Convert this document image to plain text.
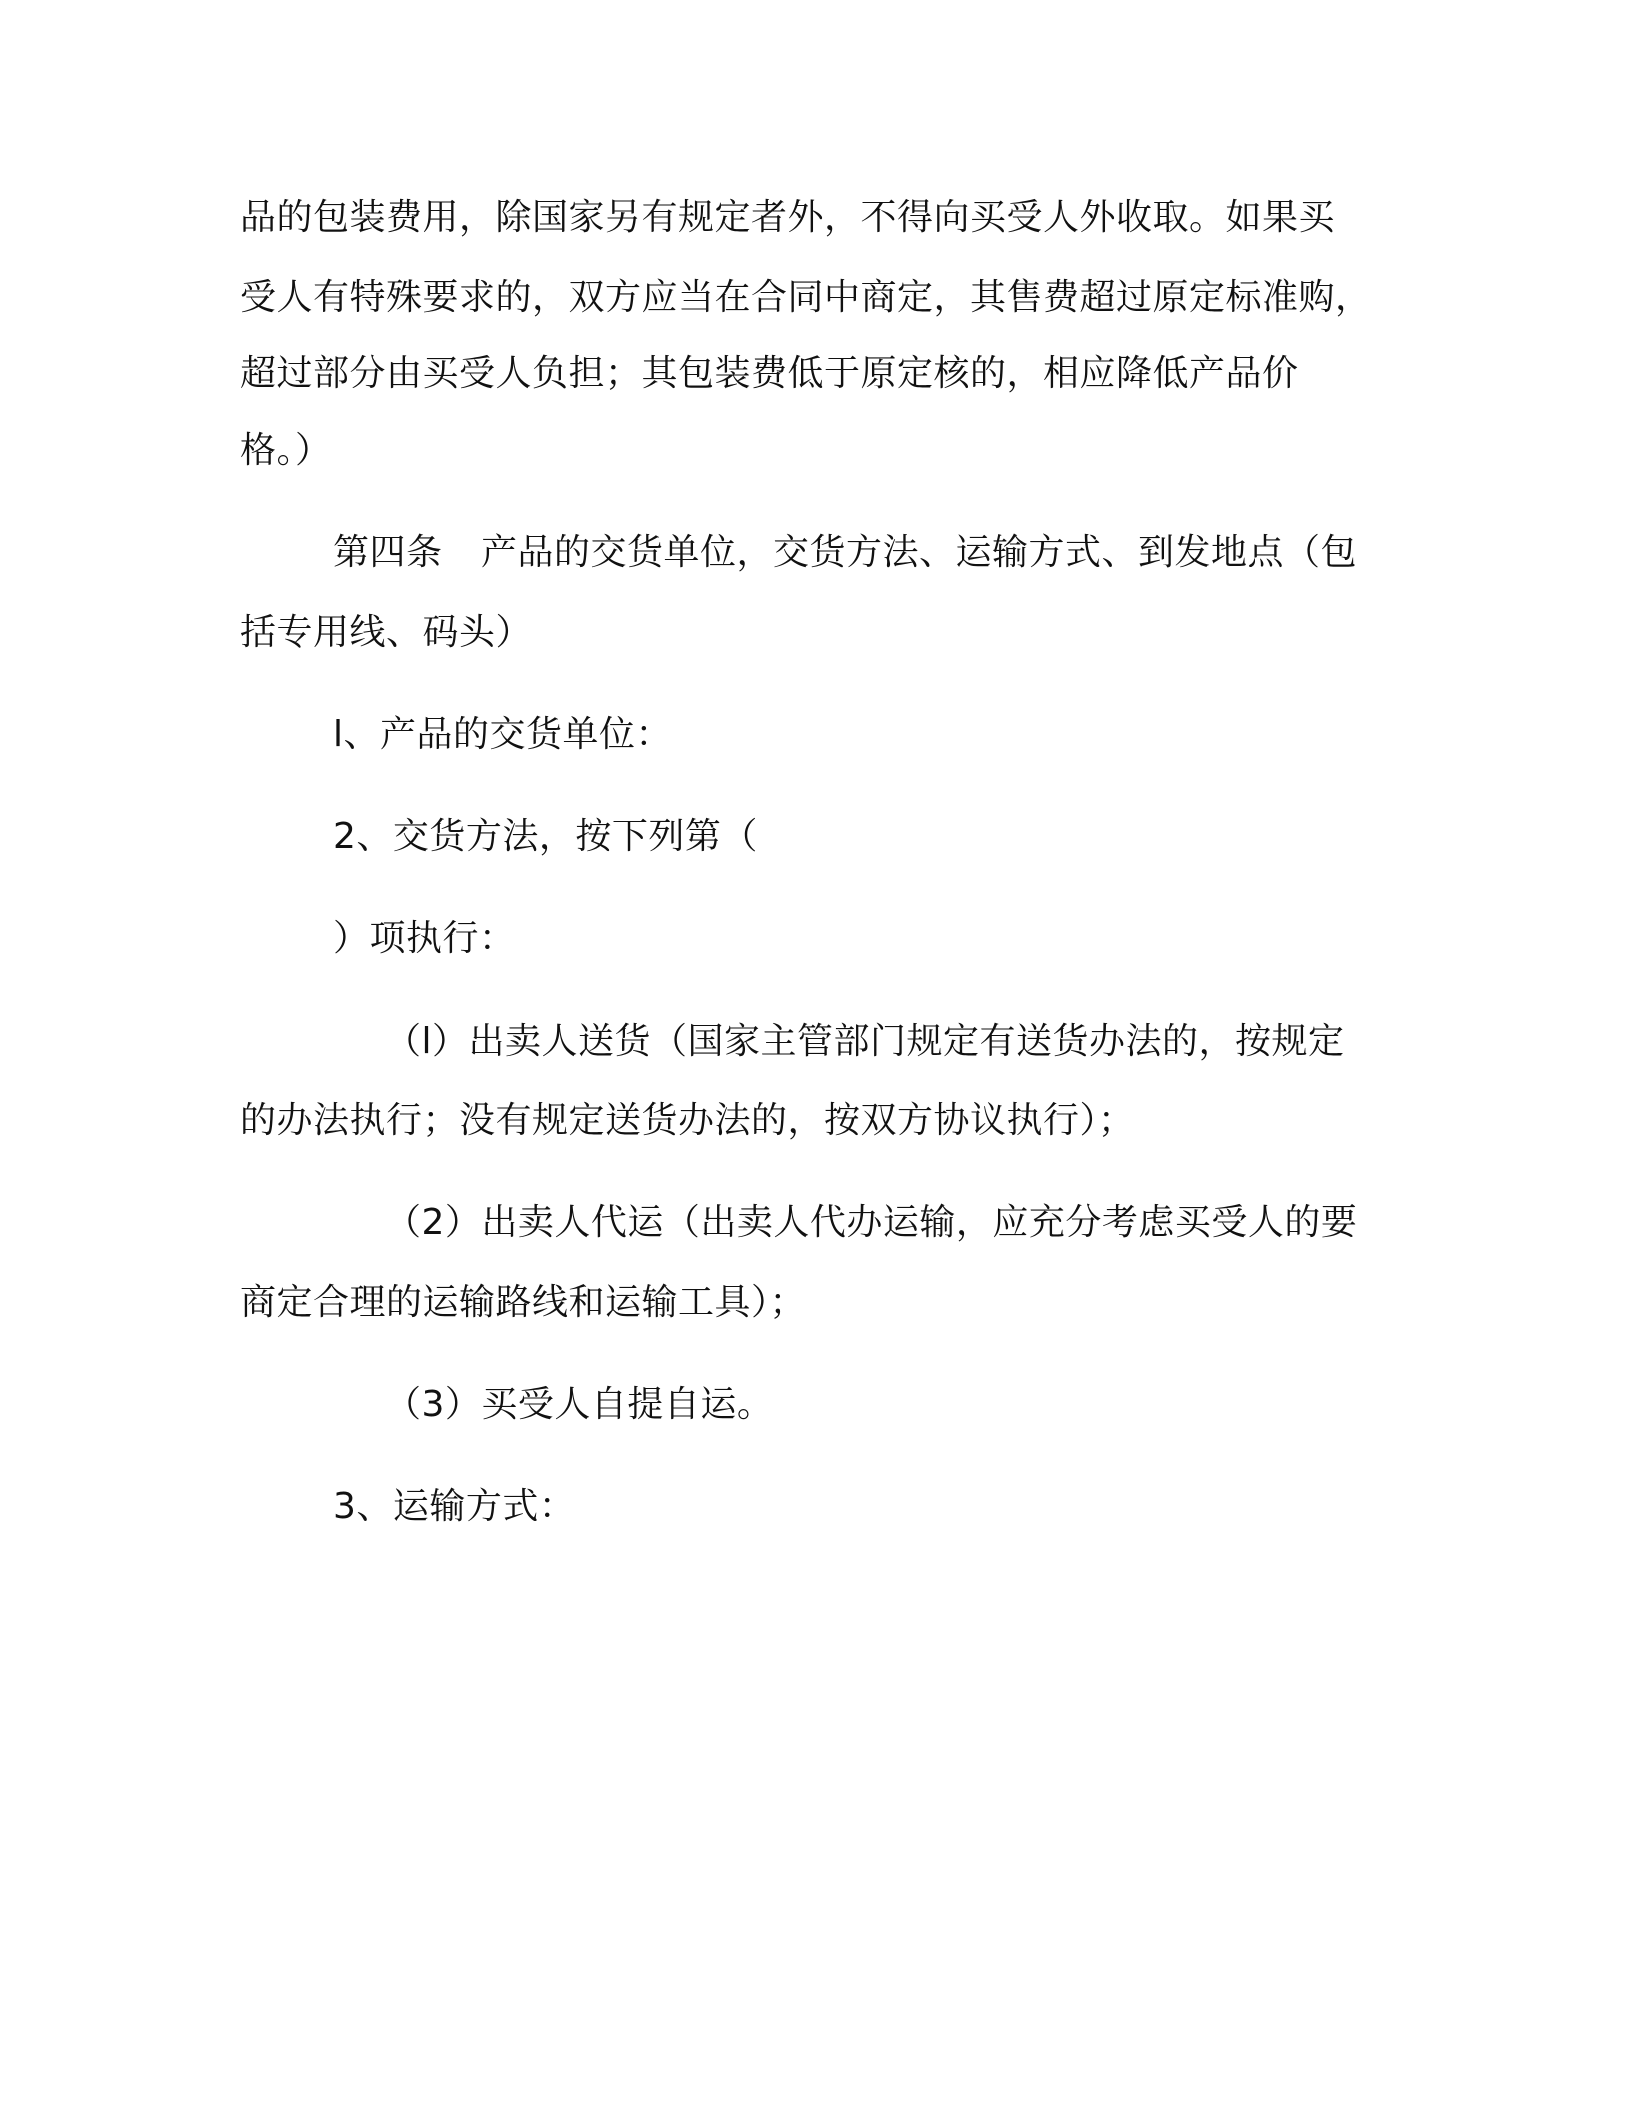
品的包装费用，除国家另有规定者外，不得向买受人外收取。如果买
受人有特殊要求的，双方应当在合同中商定，其售费超过原定标准购，
超过部分由买受人负担；其包装费低于原定核的，相应降低产品价
格。）
第四条 产品的交货单位，交货方法、运输方式、到发地点（包
括专用线、码头）
l、产品的交货单位：
2、交货方法，按下列第（
）项执行：
（l）出卖人送货（国家主管部门规定有送货办法的，按规定
的办法执行；没有规定送货办法的，按双方协议执行）；
（2）出卖人代运（出卖人代办运输，应充分考虑买受人的要
商定合理的运输路线和运输工具）；
（3）买受人自提自运。
3、运输方式：
